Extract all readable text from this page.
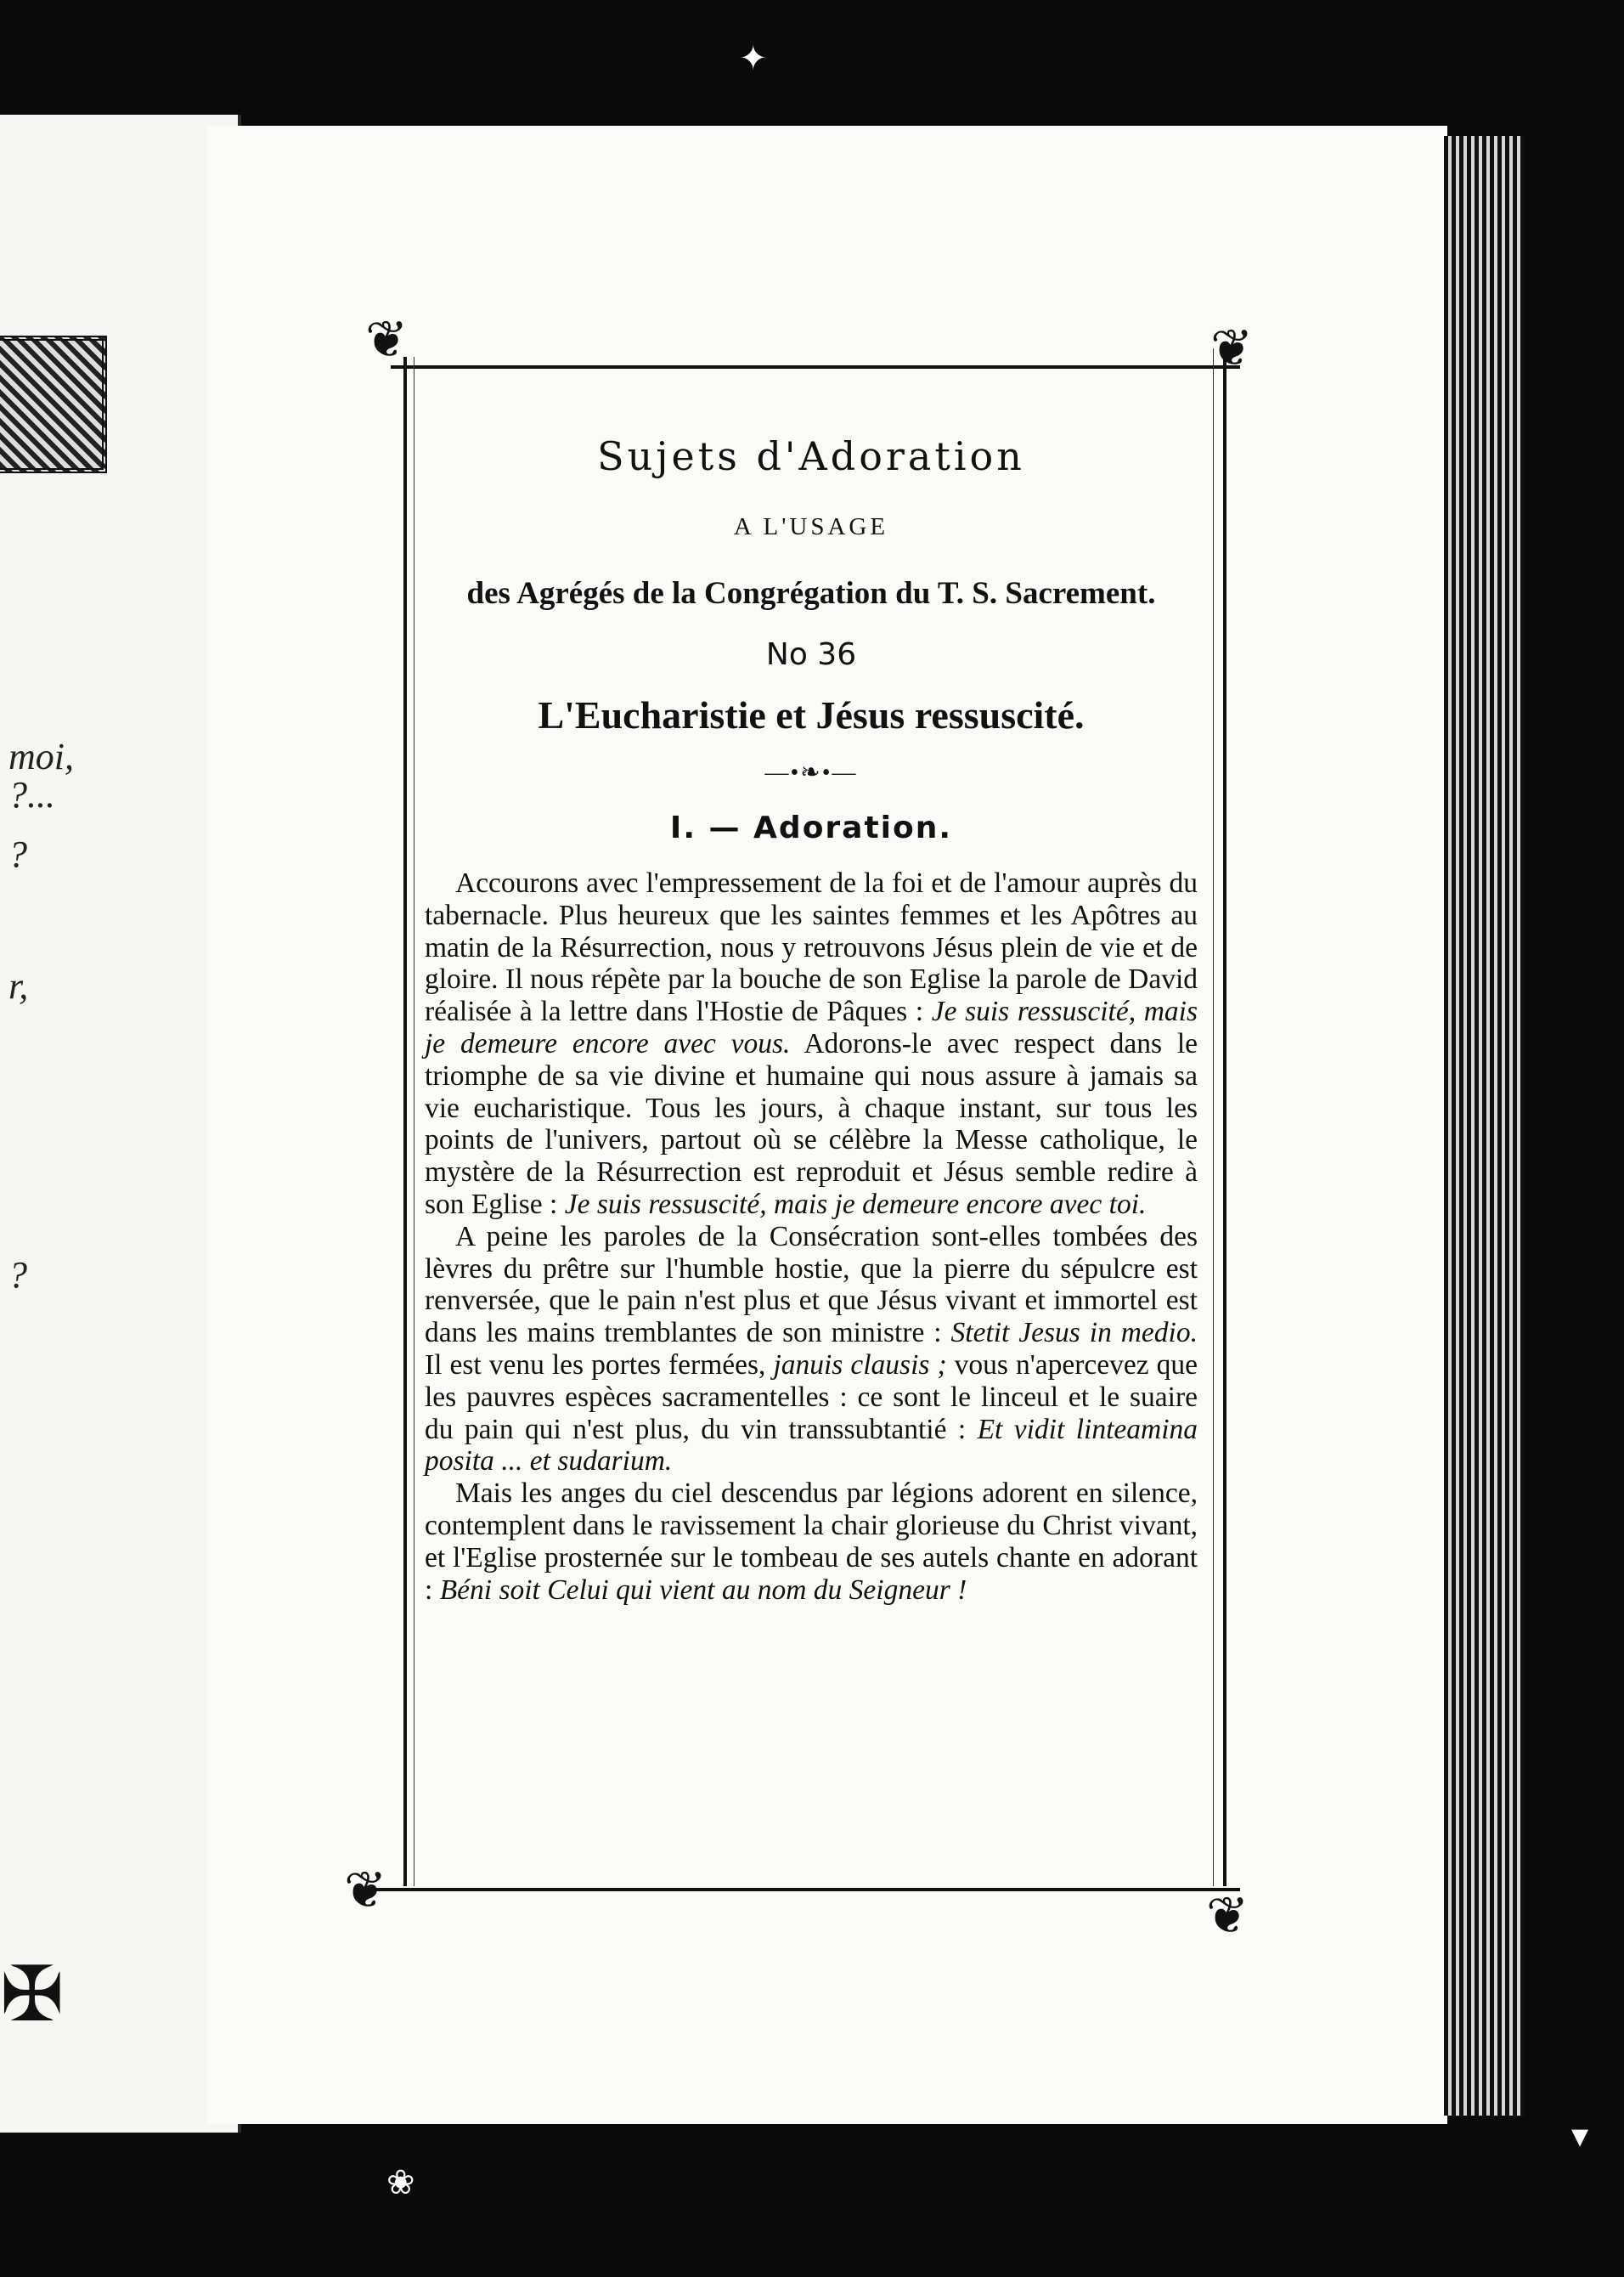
moi,
?...
?
r,
?
✠
❦	❦
❦	❦
Sujets d'Adoration
A L'USAGE
des Agrégés de la Congrégation du T. S. Sacrement.
No 36
L'Eucharistie et Jésus ressuscité.
—•❧•—
I. — Adoration.

Accourons avec l'empressement de la foi et de l'amour auprès du tabernacle. Plus heureux que les saintes femmes et les Apôtres au matin de la Résurrection, nous y retrouvons Jésus plein de vie et de gloire. Il nous répète par la bouche de son Eglise la parole de David réalisée à la lettre dans l'Hostie de Pâques : Je suis ressuscité, mais je demeure encore avec vous. Adorons-le avec respect dans le triomphe de sa vie divine et humaine qui nous assure à jamais sa vie eucharistique. Tous les jours, à chaque instant, sur tous les points de l'univers, partout où se célèbre la Messe catholique, le mystère de la Résurrection est reproduit et Jésus semble redire à son Eglise : Je suis ressuscité, mais je demeure encore avec toi.

A peine les paroles de la Consécration sont-elles tombées des lèvres du prêtre sur l'humble hostie, que la pierre du sépulcre est renversée, que le pain n'est plus et que Jésus vivant et immortel est dans les mains tremblantes de son ministre : Stetit Jesus in medio. Il est venu les portes fermées, januis clausis ; vous n'apercevez que les pauvres espèces sacramentelles : ce sont le linceul et le suaire du pain qui n'est plus, du vin transsubtantié : Et vidit linteamina posita ... et sudarium.

Mais les anges du ciel descendus par légions adorent en silence, contemplent dans le ravissement la chair glorieuse du Christ vivant, et l'Eglise prosternée sur le tombeau de ses autels chante en adorant : Béni soit Celui qui vient au nom du Seigneur !

✦
❀
▾
